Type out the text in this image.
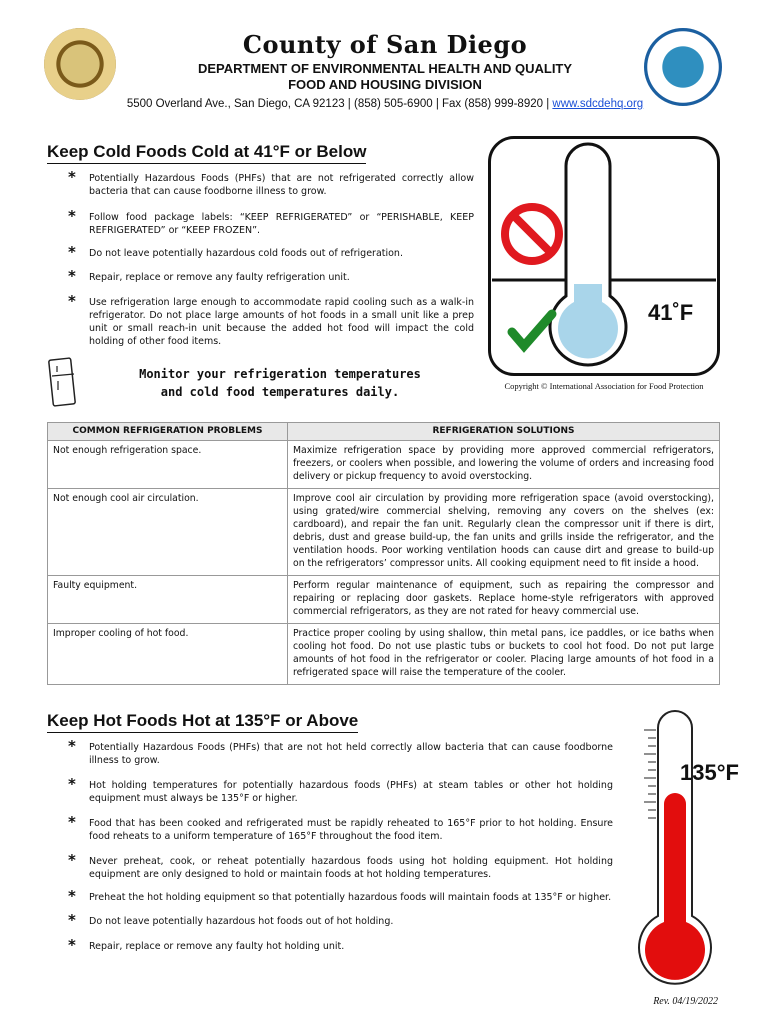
County of San Diego
DEPARTMENT OF ENVIRONMENTAL HEALTH AND QUALITY
FOOD AND HOUSING DIVISION
5500 Overland Ave., San Diego, CA 92123 | (858) 505-6900 | Fax (858) 999-8920 | www.sdcdehq.org
Keep Cold Foods Cold at 41°F or Below
* Potentially Hazardous Foods (PHFs) that are not refrigerated correctly allow bacteria that can cause foodborne illness to grow.
* Follow food package labels: “KEEP REFRIGERATED” or “PERISHABLE, KEEP REFRIGERATED” or “KEEP FROZEN”.
* Do not leave potentially hazardous cold foods out of refrigeration.
* Repair, replace or remove any faulty refrigeration unit.
* Use refrigeration large enough to accommodate rapid cooling such as a walk-in refrigerator. Do not place large amounts of hot foods in a small unit like a prep unit or small reach-in unit because the added hot food will impact the cold holding of other food items.
Monitor your refrigeration temperatures
and cold food temperatures daily.
41˚F
Copyright © International Association for Food Protection
COMMON REFRIGERATION PROBLEMS	REFRIGERATION SOLUTIONS
Not enough refrigeration space.	Maximize refrigeration space by providing more approved commercial refrigerators, freezers, or coolers when possible, and lowering the volume of orders and increasing food delivery or pickup frequency to avoid overstocking.
Not enough cool air circulation.	Improve cool air circulation by providing more refrigeration space (avoid overstocking), using grated/wire commercial shelving, removing any covers on the shelves (ex: cardboard), and repair the fan unit. Regularly clean the compressor unit if there is dirt, debris, dust and grease build-up, the fan units and grills inside the refrigerator, and the ventilation hoods. Poor working ventilation hoods can cause dirt and grease to build-up on the refrigerators’ compressor units. All cooking equipment need to fit inside a hood.
Faulty equipment.	Perform regular maintenance of equipment, such as repairing the compressor and repairing or replacing door gaskets. Replace home-style refrigerators with approved commercial refrigerators, as they are not rated for heavy commercial use.
Improper cooling of hot food.	Practice proper cooling by using shallow, thin metal pans, ice paddles, or ice baths when cooling hot food. Do not use plastic tubs or buckets to cool hot food. Do not put large amounts of hot food in the refrigerator or cooler. Placing large amounts of hot food in a refrigerated space will raise the temperature of the cooler.
Keep Hot Foods Hot at 135°F or Above
* Potentially Hazardous Foods (PHFs) that are not hot held correctly allow bacteria that can cause foodborne illness to grow.
* Hot holding temperatures for potentially hazardous foods (PHFs) at steam tables or other hot holding equipment must always be 135°F or higher.
* Food that has been cooked and refrigerated must be rapidly reheated to 165°F prior to hot holding. Ensure food reheats to a uniform temperature of 165°F throughout the food item.
* Never preheat, cook, or reheat potentially hazardous foods using hot holding equipment. Hot holding equipment are only designed to hold or maintain foods at hot holding temperatures.
* Preheat the hot holding equipment so that potentially hazardous foods will maintain foods at 135°F or higher.
* Do not leave potentially hazardous hot foods out of hot holding.
* Repair, replace or remove any faulty hot holding unit.
135°F
Rev. 04/19/2022
